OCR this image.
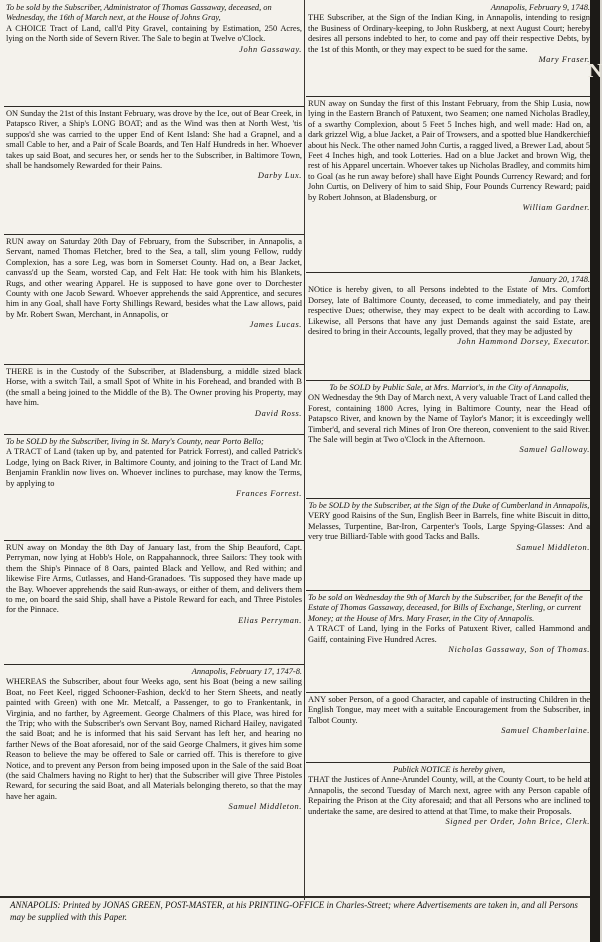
To be sold by the Subscriber, Administrator of Thomas Gassaway, deceased, on Wednesday, the 16th of March next, at the House of Johns Gray,

A CHOICE Tract of Land, call'd Pity Gravel, containing by Estimation, 250 Acres, lying on the North side of Severn River. The Sale to begin at Twelve o'Clock.

John Gassaway.

ON Sunday the 21st of this Instant February, was drove by the Ice, out of Bear Creek, in Patapsco River, a Ship's LONG BOAT; and as the Wind was then at North West, 'tis suppos'd she was carried to the upper End of Kent Island: She had a Grapnel, and a small Cable to her, and a Pair of Scale Boards, and Ten Half Hundreds in her. Whoever takes up said Boat, and secures her, or sends her to the Subscriber, in Baltimore Town, shall be handsomely Rewarded for their Pains.

Darby Lux.

RUN away on Saturday 20th Day of February, from the Subscriber, in Annapolis, a Servant, named Thomas Fletcher, bred to the Sea, a tall, slim young Fellow, ruddy Complexion, has a sore Leg, was born in Somerset County. Had on, a Bear Jacket, canvass'd up the Seam, worsted Cap, and Felt Hat: He took with him his Blankets, Rugs, and other wearing Apparel. He is supposed to have gone over to Dorchester County with one Jacob Seward. Whoever apprehends the said Apprentice, and secures him in any Goal, shall have Forty Shillings Reward, besides what the Law allows, paid by Mr. Robert Swan, Merchant, in Annapolis, or

James Lucas.

THERE is in the Custody of the Subscriber, at Bladensburg, a middle sized black Horse, with a switch Tail, a small Spot of White in his Forehead, and branded with B (the small a being joined to the Middle of the B). The Owner proving his Property, may have him.

David Ross.

To be SOLD by the Subscriber, living in St. Mary's County, near Porto Bello;

A TRACT of Land (taken up by, and patented for Patrick Forrest), and called Patrick's Lodge, lying on Back River, in Baltimore County, and joining to the Tract of Land Mr. Benjamin Franklin now lives on. Whoever inclines to purchase, may know the Terms, by applying to

Frances Forrest.

RUN away on Monday the 8th Day of January last, from the Ship Beauford, Capt. Perryman, now lying at Hobb's Hole, on Rappahannock, three Sailors: They took with them the Ship's Pinnace of 8 Oars, painted Black and Yellow, and Red within; and likewise Fire Arms, Cutlasses, and Hand-Granadoes. 'Tis supposed they have made up the Bay. Whoever apprehends the said Run-aways, or either of them, and delivers them to me, on board the said Ship, shall have a Pistole Reward for each, and Three Pistoles for the Pinnace.

Elias Perryman.

Annapolis, February 17, 1747-8.

WHEREAS the Subscriber, about four Weeks ago, sent his Boat (being a new sailing Boat, no Feet Keel, rigged Schooner-Fashion, deck'd to her Stern Sheets, and neatly painted with Green) with one Mr. Metcalf, a Passenger, to go to Frankentank, in Virginia, and no farther, by Agreement. George Chalmers of this Place, was hired for the Trip; who with the Subscriber's own Servant Boy, named Richard Hailey, navigated the said Boat; and he is informed that his said Servant has left her, and hearing no farther News of the Boat aforesaid, nor of the said George Chalmers, it gives him some Reason to believe the may be offered to Sale or carried off. This is therefore to give Notice, and to prevent any Person from being imposed upon in the Sale of the said Boat (the said Chalmers having no Right to her) that the Subscriber will give Three Pistoles Reward, for securing the said Boat, and all Materials belonging thereto, so that the may have her again.

Samuel Middleton.

Annapolis, February 9, 1748.

THE Subscriber, at the Sign of the Indian King, in Annapolis, intending to resign the Business of Ordinary-keeping, to John Ruskberg, at next August Court; hereby desires all persons indebted to her, to come and pay off their respective Debts, by the 1st of this Month, or they may expect to be sued for the same.

Mary Fraser.

RUN away on Sunday the first of this Instant February, from the Ship Lusia, now lying in the Eastern Branch of Patuxent, two Seamen; one named Nicholas Bradley, of a swarthy Complexion, about 5 Feet 5 Inches high, and well made: Had on, a dark grizzel Wig, a blue Jacket, a Pair of Trowsers, and a spotted blue Handkerchief about his Neck. The other named John Curtis, a ragged lived, a Brewer Lad, about 5 Feet 4 Inches high, and took Lotteries. Had on a blue Jacket and brown Wig, the rest of his Apparel uncertain. Whoever takes up Nicholas Bradley, and commits him to Goal (as he run away before) shall have Eight Pounds Currency Reward; and for John Curtis, on Delivery of him to said Ship, Four Pounds Currency Reward; paid by Robert Johnson, at Bladensburg, or

William Gardner.

January 20, 1748.

NOtice is hereby given, to all Persons indebted to the Estate of Mrs. Comfort Dorsey, late of Baltimore County, deceased, to come immediately, and pay their respective Dues; otherwise, they may expect to be dealt with according to Law. Likewise, all Persons that have any just Demands against the said Estate, are desired to bring in their Accounts, legally proved, that they may be adjusted by

John Hammond Dorsey, Executor.

To be SOLD by Public Sale, at Mrs. Marriot's, in the City of Annapolis,

ON Wednesday the 9th Day of March next, A very valuable Tract of Land called the Forest, containing 1800 Acres, lying in Baltimore County, near the Head of Patapsco River, and known by the Name of Taylor's Manor; it is exceedingly well Timber'd, and several rich Mines of Iron Ore thereon, convenient to the said River. The Sale will begin at Two o'Clock in the Afternoon.

Samuel Galloway.

To be SOLD by the Subscriber, at the Sign of the Duke of Cumberland in Annapolis,

VERY good Raisins of the Sun, English Beer in Barrels, fine white Biscuit in ditto, Melasses, Turpentine, Bar-Iron, Carpenter's Tools, Large Spying-Glasses: And a very true Billiard-Table with good Tacks and Balls.

Samuel Middleton.

To be sold on Wednesday the 9th of March by the Subscriber, for the Benefit of the Estate of Thomas Gassaway, deceased, for Bills of Exchange, Sterling, or current Money; at the House of Mrs. Mary Fraser, in the City of Annapolis.

A TRACT of Land, lying in the Forks of Patuxent River, called Hammond and Gaiff, containing Five Hundred Acres.

Nicholas Gassaway, Son of Thomas.

ANY sober Person, of a good Character, and capable of instructing Children in the English Tongue, may meet with a suitable Encouragement from the Subscriber, in Talbot County.

Samuel Chamberlaine.

Publick NOTICE is hereby given,

THAT the Justices of Anne-Arundel County, will, at the County Court, to be held at Annapolis, the second Tuesday of March next, agree with any Person capable of Repairing the Prison at the City aforesaid; and that all Persons who are inclined to undertake the same, are desired to attend at that Time, to make their Proposals.

Signed per Order, John Brice, Clerk.

ANNAPOLIS: Printed by JONAS GREEN, POST-MASTER, at his PRINTING-OFFICE in Charles-Street; where Advertisements are taken in, and all Persons may be supplied with this Paper.
N
